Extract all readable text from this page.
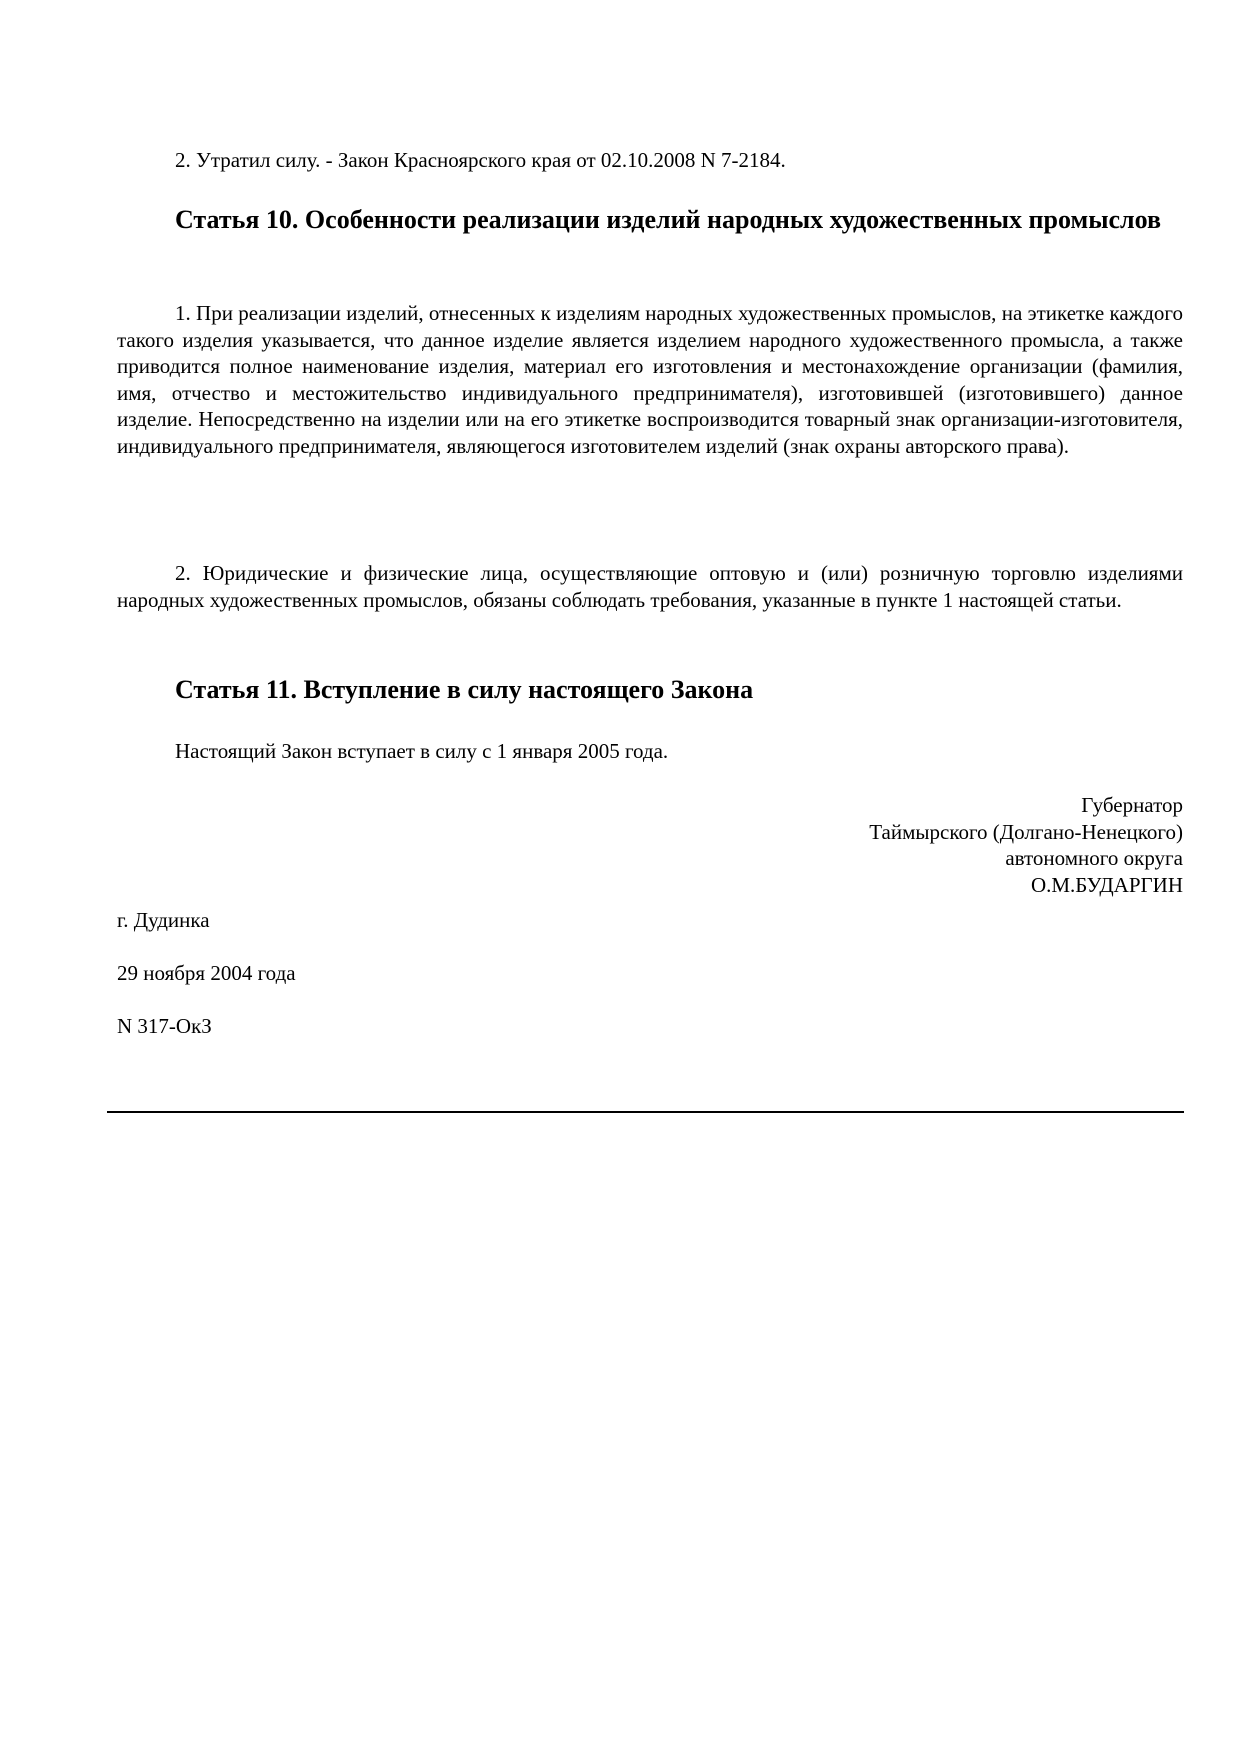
2. Утратил силу. - Закон Красноярского края от 02.10.2008 N 7-2184.

Статья 10. Особенности реализации изделий народных художественных промыслов

1. При реализации изделий, отнесенных к изделиям народных художественных промыслов, на этикетке каждого такого изделия указывается, что данное изделие является изделием народного художественного промысла, а также приводится полное наименование изделия, материал его изготовления и местонахождение организации (фамилия, имя, отчество и местожительство индивидуального предпринимателя), изготовившей (изготовившего) данное изделие. Непосредственно на изделии или на его этикетке воспроизводится товарный знак организации-изготовителя, индивидуального предпринимателя, являющегося изготовителем изделий (знак охраны авторского права).

2. Юридические и физические лица, осуществляющие оптовую и (или) розничную торговлю изделиями народных художественных промыслов, обязаны соблюдать требования, указанные в пункте 1 настоящей статьи.

Статья 11. Вступление в силу настоящего Закона

Настоящий Закон вступает в силу с 1 января 2005 года.

Губернатор
Таймырского (Долгано-Ненецкого)
автономного округа
О.М.БУДАРГИН
г. Дудинка
29 ноября 2004 года
N 317-ОкЗ
